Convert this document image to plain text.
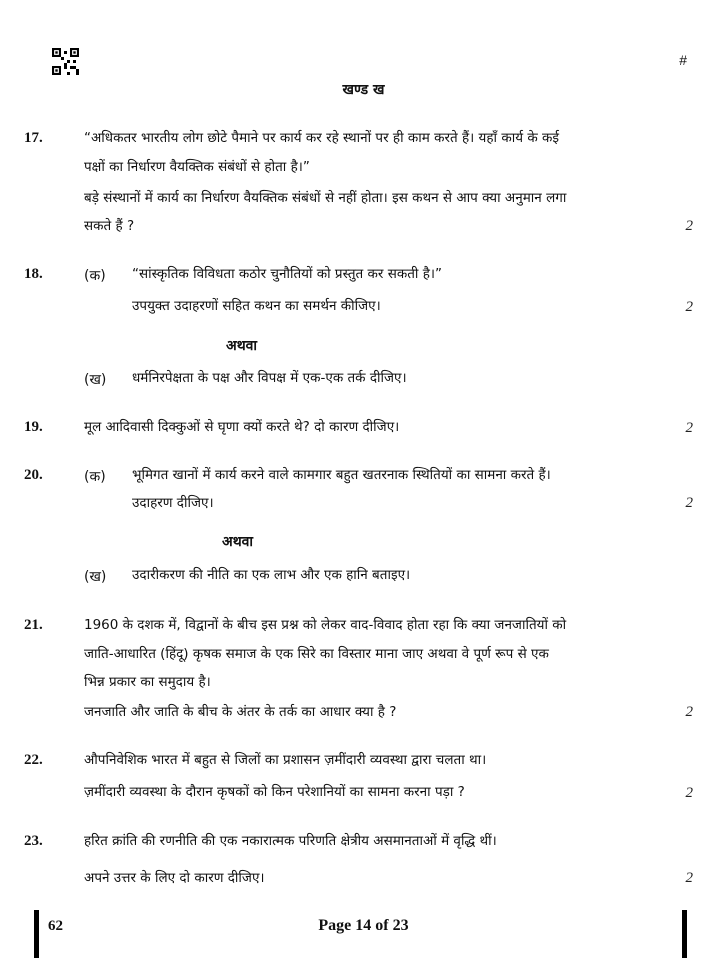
#
खण्ड ख
17.	“अधिकतर भारतीय लोग छोटे पैमाने पर कार्य कर रहे स्थानों पर ही काम करते हैं। यहाँ कार्य के कई
पक्षों का निर्धारण वैयक्तिक संबंधों से होता है।”
बड़े संस्थानों में कार्य का निर्धारण वैयक्तिक संबंधों से नहीं होता। इस कथन से आप क्या अनुमान लगा
सकते हैं ?	2
18.	(क) “सांस्कृतिक विविधता कठोर चुनौतियों को प्रस्तुत कर सकती है।”
उपयुक्त उदाहरणों सहित कथन का समर्थन कीजिए।	2
अथवा
(ख) धर्मनिरपेक्षता के पक्ष और विपक्ष में एक-एक तर्क दीजिए।
19.	मूल आदिवासी दिक्कुओं से घृणा क्यों करते थे? दो कारण दीजिए।	2
20.	(क) भूमिगत खानों में कार्य करने वाले कामगार बहुत खतरनाक स्थितियों का सामना करते हैं।
उदाहरण दीजिए।	2
अथवा
(ख) उदारीकरण की नीति का एक लाभ और एक हानि बताइए।
21.	1960 के दशक में, विद्वानों के बीच इस प्रश्न को लेकर वाद-विवाद होता रहा कि क्या जनजातियों को
जाति-आधारित (हिंदू) कृषक समाज के एक सिरे का विस्तार माना जाए अथवा वे पूर्ण रूप से एक
भिन्न प्रकार का समुदाय है।
जनजाति और जाति के बीच के अंतर के तर्क का आधार क्या है ?	2
22.	औपनिवेशिक भारत में बहुत से जिलों का प्रशासन ज़मींदारी व्यवस्था द्वारा चलता था।
ज़मींदारी व्यवस्था के दौरान कृषकों को किन परेशानियों का सामना करना पड़ा ?	2
23.	हरित क्रांति की रणनीति की एक नकारात्मक परिणति क्षेत्रीय असमानताओं में वृद्धि थीं।
अपने उत्तर के लिए दो कारण दीजिए।	2
62	Page 14 of 23
